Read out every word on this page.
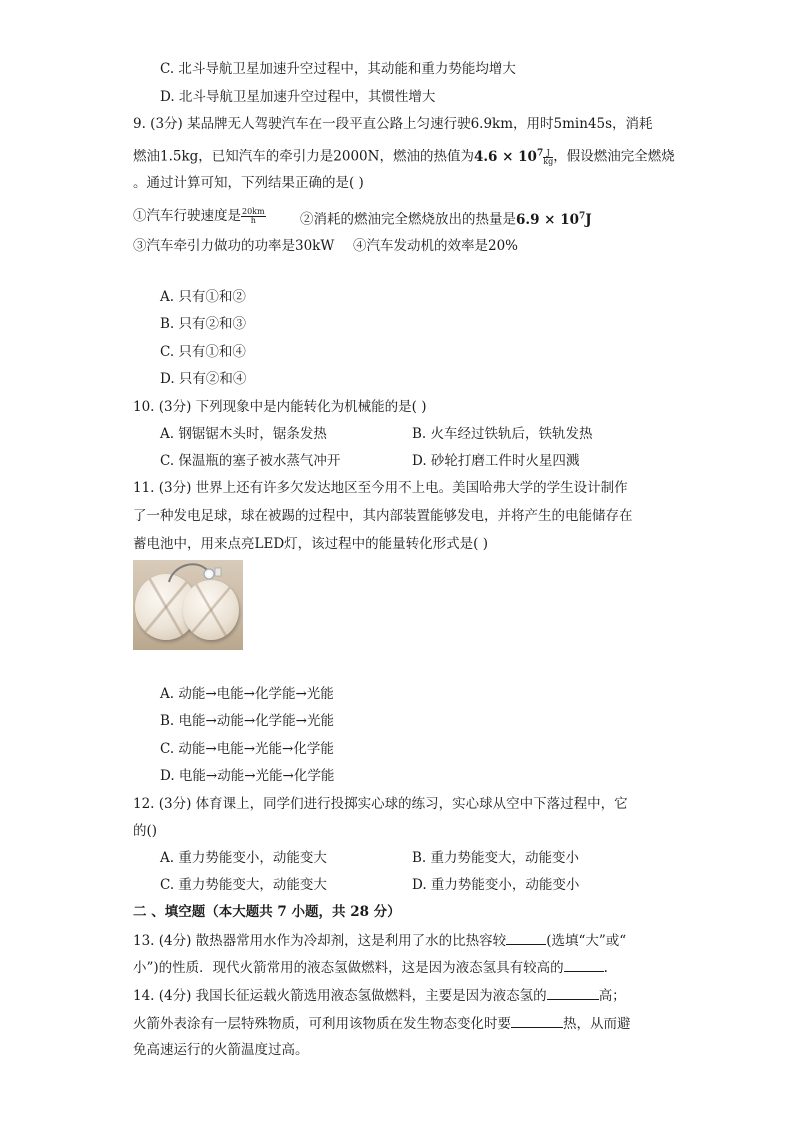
C. 北斗导航卫星加速升空过程中，其动能和重力势能均增大
D. 北斗导航卫星加速升空过程中，其惯性增大
9. (3分) 某品牌无人驾驶汽车在一段平直公路上匀速行驶6.9km，用时5min45s，消耗
燃油1.5kg，已知汽车的牵引力是2000N，燃油的热值为$4.6 \times 10^7 \frac{J}{kg}$ ，假设燃油完全燃烧
。通过计算可知，下列结果正确的是( )
①汽车行驶速度是 $\frac{20km}{h}$	②消耗的燃油完全燃烧放出的热量是$6.9 \times 10^7J$
③汽车牵引力做功的功率是30kW ④汽车发动机的效率是20%
A. 只有①和②
B. 只有②和③
C. 只有①和④
D. 只有②和④
10. (3分) 下列现象中是内能转化为机械能的是( )
A. 钢锯锯木头时，锯条发热	B. 火车经过铁轨后，铁轨发热
C. 保温瓶的塞子被水蒸气冲开	D. 砂轮打磨工件时火星四溅
11. (3分) 世界上还有许多欠发达地区至今用不上电。美国哈弗大学的学生设计制作
了一种发电足球，球在被踢的过程中，其内部装置能够发电，并将产生的电能储存在
蓄电池中，用来点亮LED灯，该过程中的能量转化形式是( )
A. 动能→电能→化学能→光能
B. 电能→动能→化学能→光能
C. 动能→电能→光能→化学能
D. 电能→动能→光能→化学能
12. (3分) 体育课上，同学们进行投掷实心球的练习，实心球从空中下落过程中，它
的()
A. 重力势能变小，动能变大	B. 重力势能变大，动能变小
C. 重力势能变大，动能变大	D. 重力势能变小，动能变小
二 、填空题（本大题共 7 小题，共 28 分）
13. (4分) 散热器常用水作为冷却剂，这是利用了水的比热容较	(选填“大”或“
小”)的性质．现代火箭常用的液态氢做燃料，这是因为液态氢具有较高的	.
14. (4分) 我国长征运载火箭选用液态氢做燃料，主要是因为液态氢的	高；
火箭外表涂有一层特殊物质，可利用该物质在发生物态变化时要	热，从而避
免高速运行的火箭温度过高。
